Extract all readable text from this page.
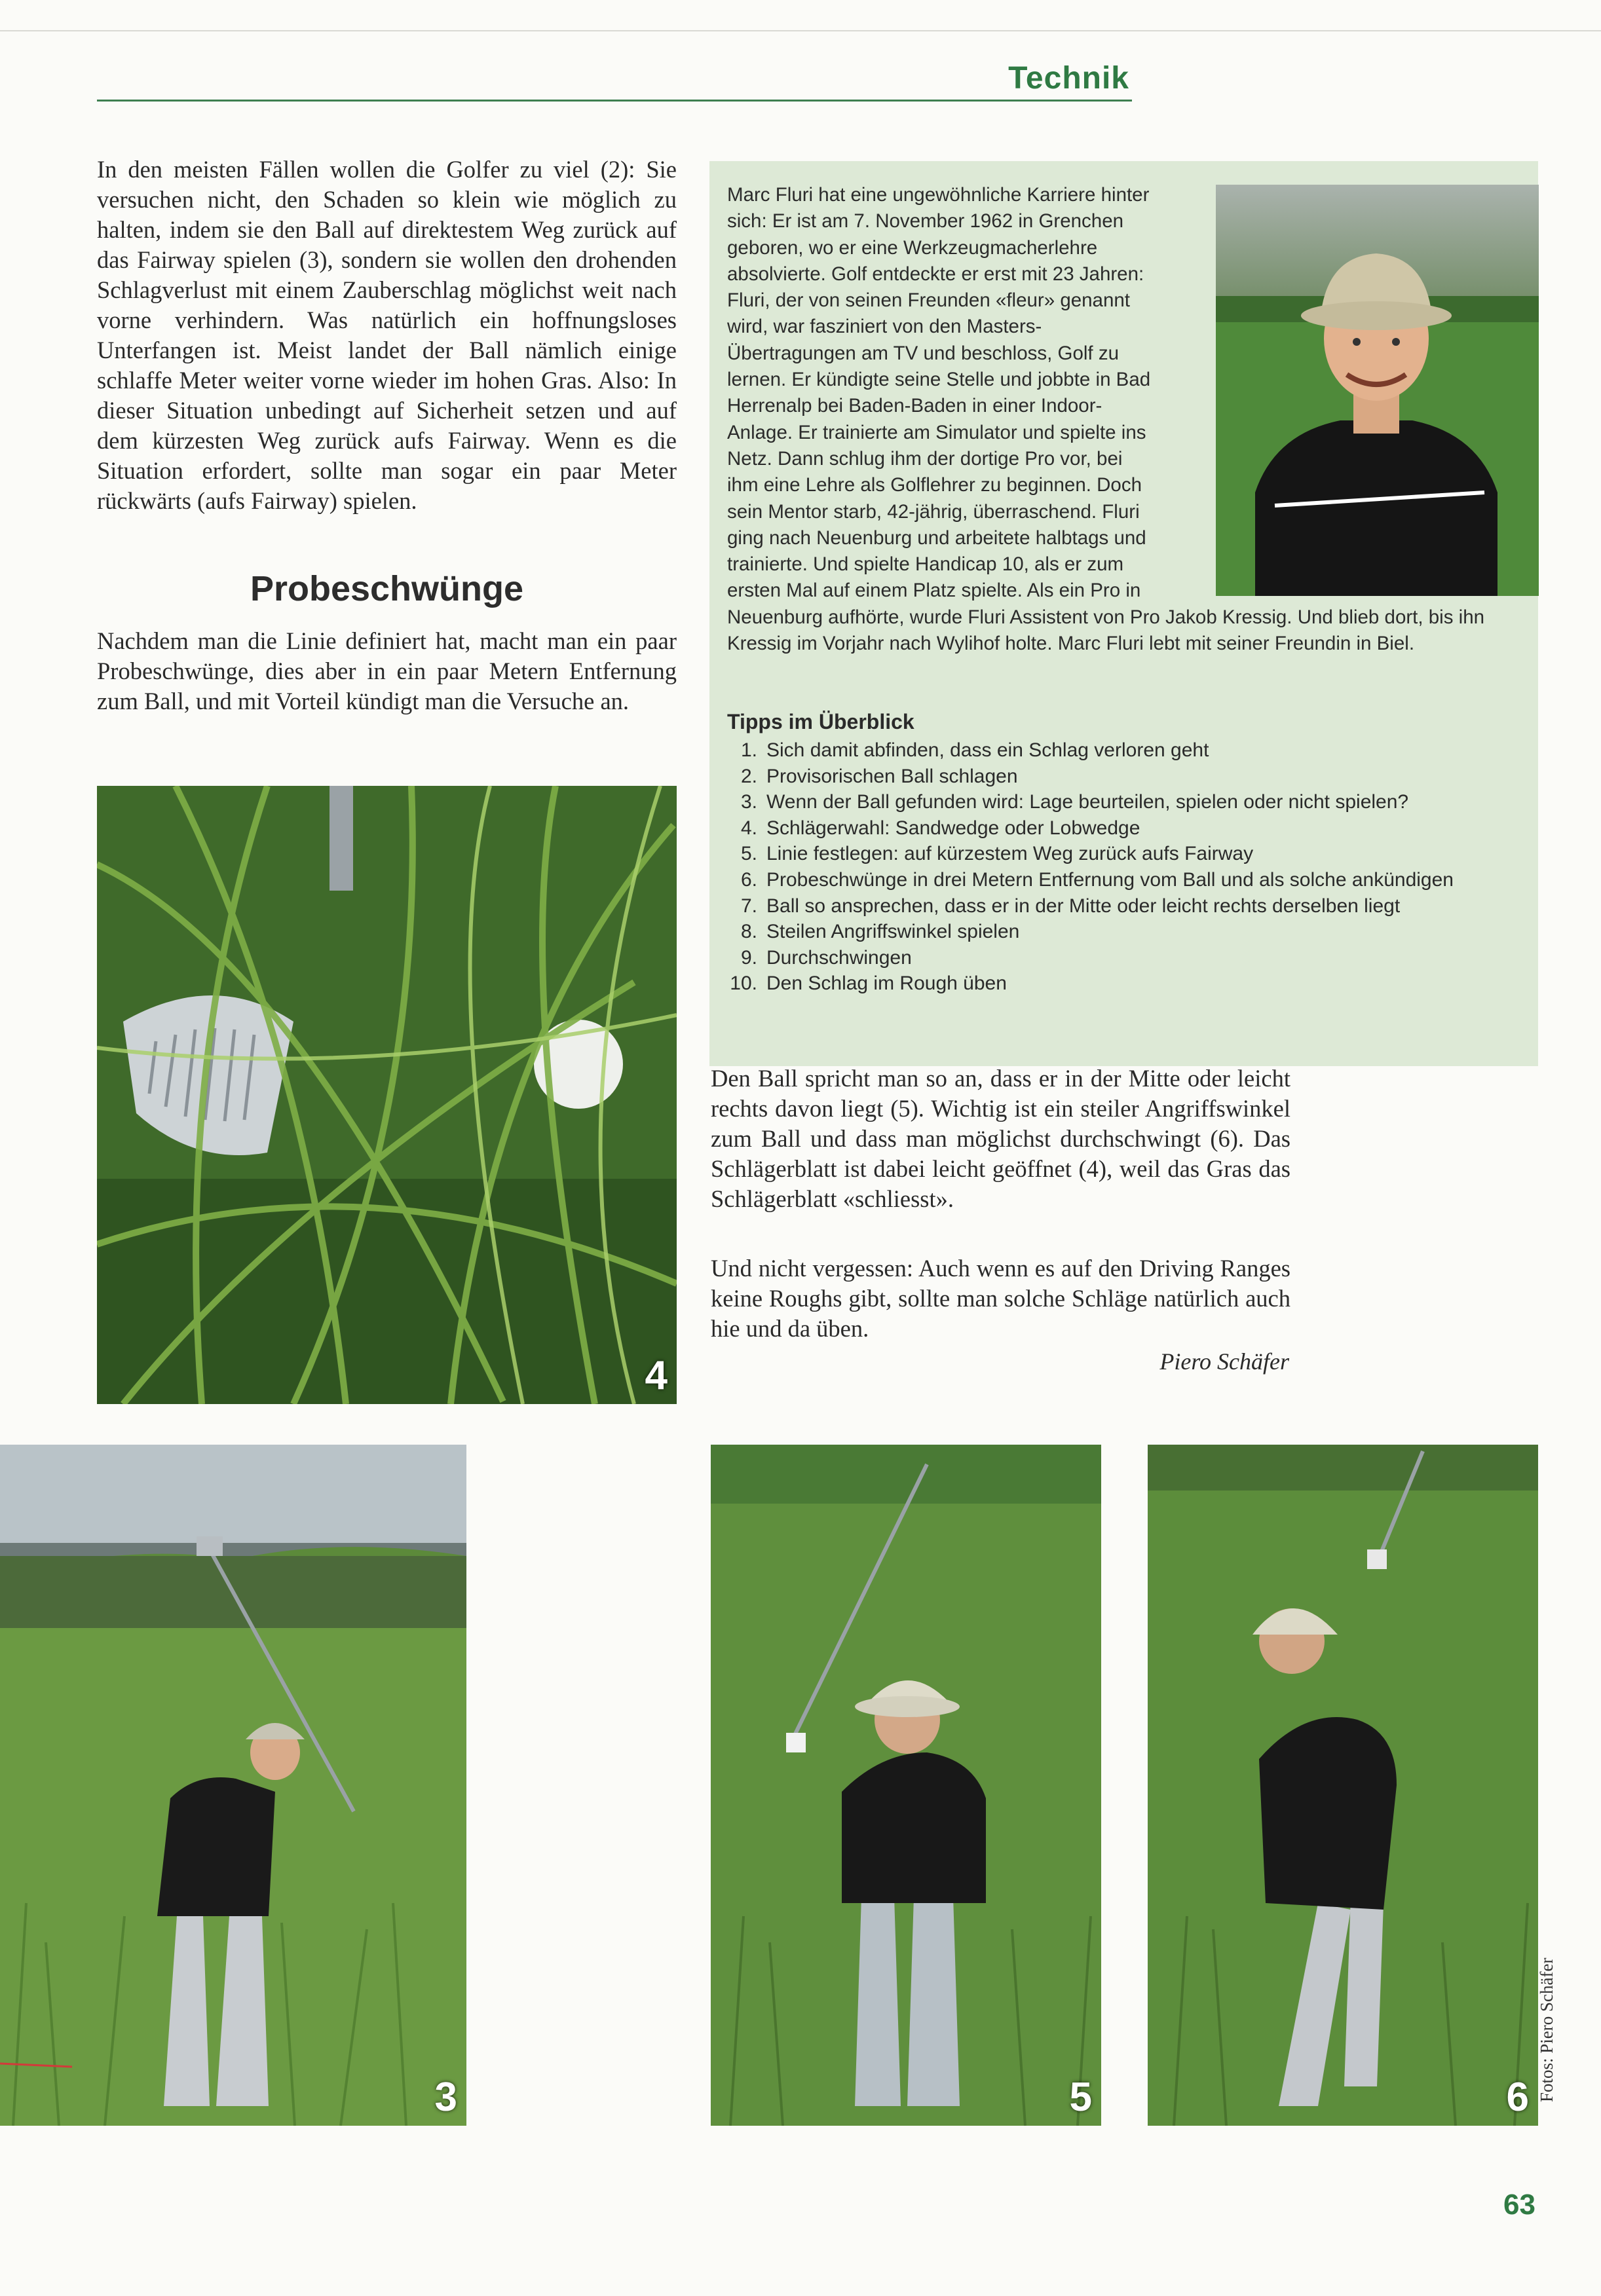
Technik

In den meisten Fällen wollen die Golfer zu viel (2): Sie versuchen nicht, den Schaden so klein wie möglich zu halten, indem sie den Ball auf direktestem Weg zurück auf das Fairway spielen (3), sondern sie wollen den drohenden Schlagverlust mit einem Zauberschlag möglichst weit nach vorne verhindern. Was natürlich ein hoffnungsloses Unterfangen ist. Meist landet der Ball nämlich einige schlaffe Meter weiter vorne wieder im hohen Gras. Also: In dieser Situation unbedingt auf Sicherheit setzen und auf dem kürzesten Weg zurück aufs Fairway. Wenn es die Situation erfordert, sollte man sogar ein paar Meter rückwärts (aufs Fairway) spielen.

Probeschwünge

Nachdem man die Linie definiert hat, macht man ein paar Probeschwünge, dies aber in ein paar Metern Entfernung zum Ball, und mit Vorteil kündigt man die Versuche an.

Marc Fluri hat eine ungewöhnliche Karriere hinter sich: Er ist am 7. November 1962 in Grenchen geboren, wo er eine Werkzeugmacherlehre absolvierte. Golf entdeckte er erst mit 23 Jahren: Fluri, der von seinen Freunden «fleur» genannt wird, war fasziniert von den Masters-Übertragungen am TV und beschloss, Golf zu lernen. Er kündigte seine Stelle und jobbte in Bad Herrenalp bei Baden-Baden in einer Indoor-Anlage. Er trainierte am Simulator und spielte ins Netz. Dann schlug ihm der dortige Pro vor, bei ihm eine Lehre als Golflehrer zu beginnen. Doch sein Mentor starb, 42-jährig, überraschend. Fluri ging nach Neuenburg und arbeitete halbtags und trainierte. Und spielte Handicap 10, als er zum ersten Mal auf einem Platz spielte. Als ein Pro in Neuenburg aufhörte, wurde Fluri Assistent von Pro Jakob Kressig. Und blieb dort, bis ihn Kressig im Vorjahr nach Wylihof holte. Marc Fluri lebt mit seiner Freundin in Biel.
Tipps im Überblick
1. Sich damit abfinden, dass ein Schlag verloren geht
2. Provisorischen Ball schlagen
3. Wenn der Ball gefunden wird: Lage beurteilen, spielen oder nicht spielen?
4. Schlägerwahl: Sandwedge oder Lobwedge
5. Linie festlegen: auf kürzestem Weg zurück aufs Fairway
6. Probeschwünge in drei Metern Entfernung vom Ball und als solche ankündigen
7. Ball so ansprechen, dass er in der Mitte oder leicht rechts derselben liegt
8. Steilen Angriffswinkel spielen
9. Durchschwingen
10. Den Schlag im Rough üben
4

Den Ball spricht man so an, dass er in der Mitte oder leicht rechts davon liegt (5). Wichtig ist ein steiler Angriffswinkel zum Ball und dass man möglichst durchschwingt (6). Das Schlägerblatt ist dabei leicht geöffnet (4), weil das Gras das Schlägerblatt «schliesst».

Und nicht vergessen: Auch wenn es auf den Driving Ranges keine Roughs gibt, sollte man solche Schläge natürlich auch hie und da üben.

Piero Schäfer
3	5	6 Fotos: Piero Schäfer
63
